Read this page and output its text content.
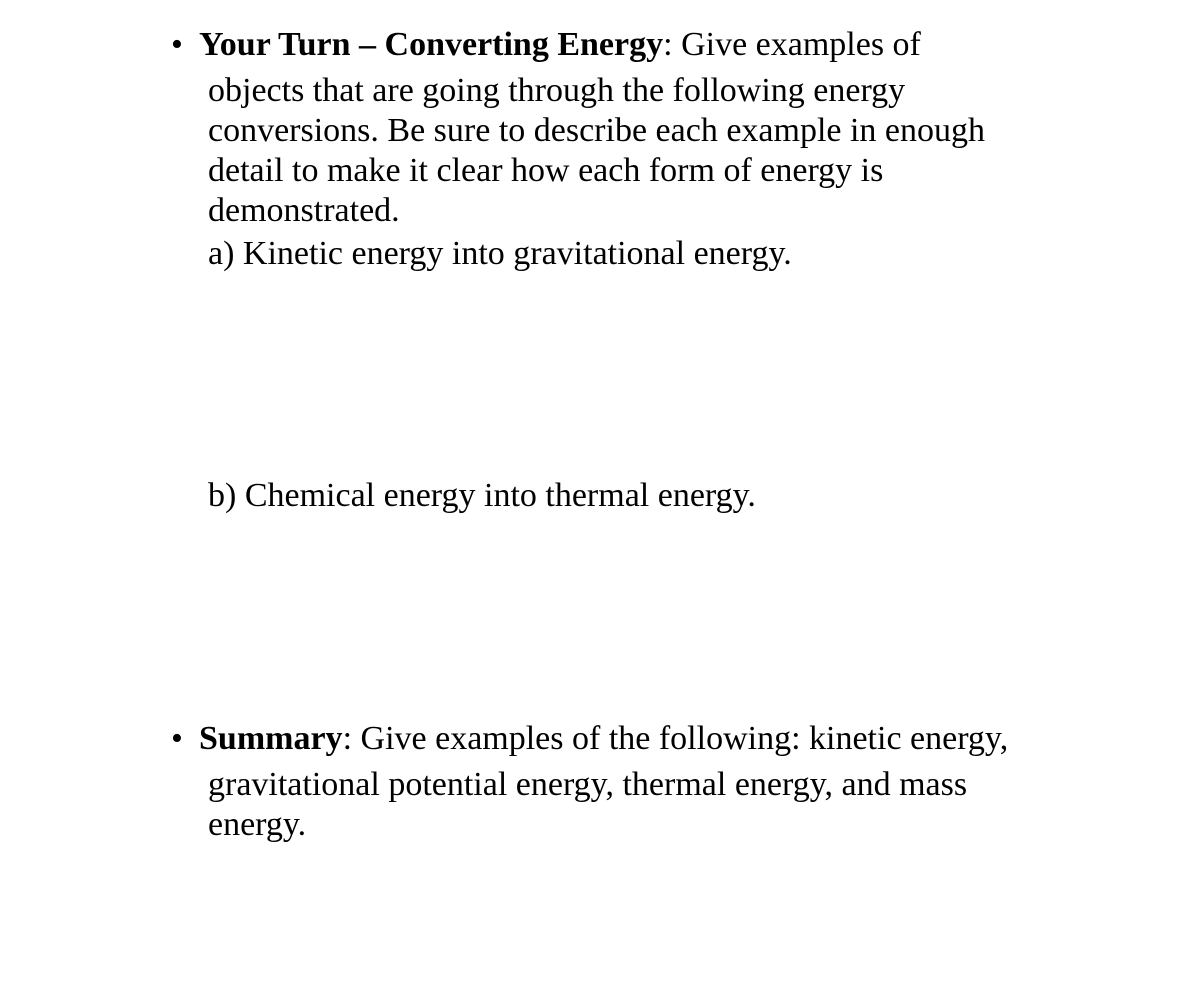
• Your Turn – Converting Energy: Give examples of
objects that are going through the following energy
conversions. Be sure to describe each example in enough
detail to make it clear how each form of energy is
demonstrated.
a) Kinetic energy into gravitational energy.
b) Chemical energy into thermal energy.
• Summary: Give examples of the following: kinetic energy,
gravitational potential energy, thermal energy, and mass
energy.
